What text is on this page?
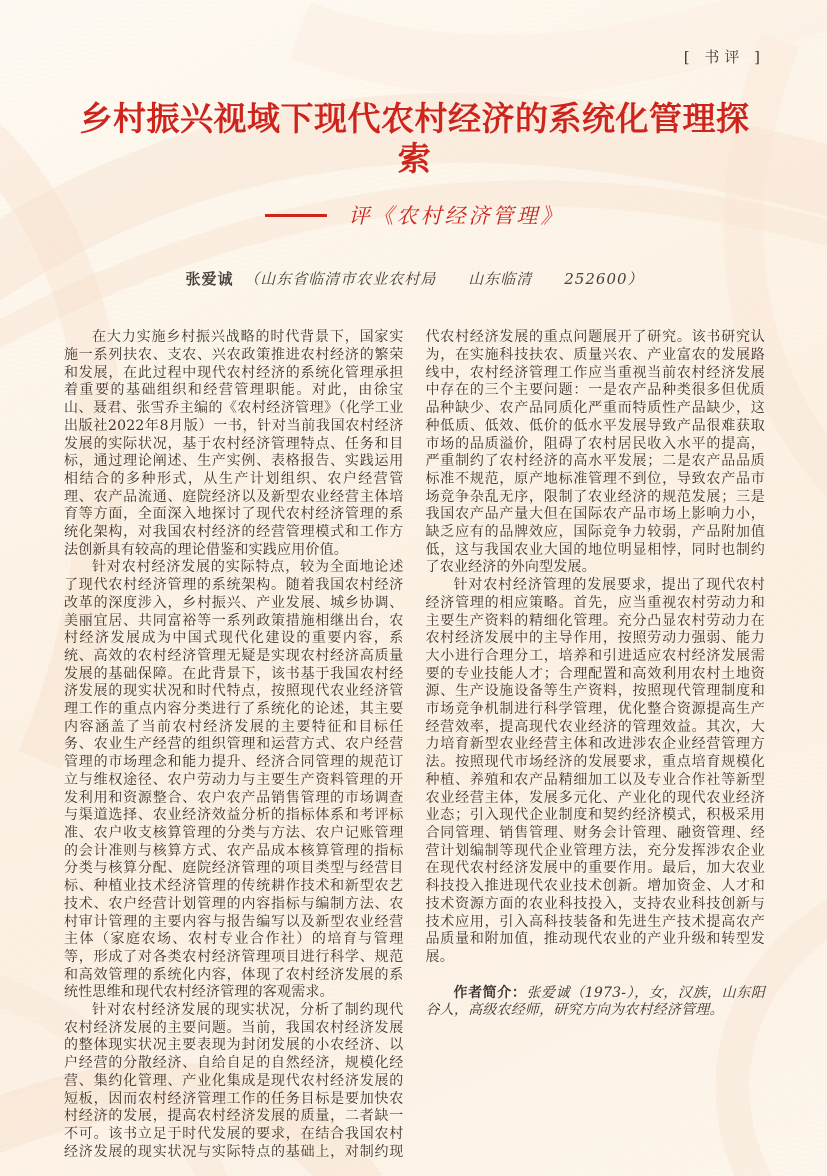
[ 书评 ]
乡村振兴视域下现代农村经济的系统化管理探索
评《农村经济管理》
张爱诚 （山东省临清市农业农村局　　山东临清　　252600）

在大力实施乡村振兴战略的时代背景下，国家实施一系列扶农、支农、兴农政策推进农村经济的繁荣和发展，在此过程中现代农村经济的系统化管理承担着重要的基础组织和经营管理职能。对此，由徐宝山、聂君、张雪乔主编的《农村经济管理》（化学工业出版社2022年8月版）一书，针对当前我国农村经济发展的实际状况，基于农村经济管理特点、任务和目标，通过理论阐述、生产实例、表格报告、实践运用相结合的多种形式，从生产计划组织、农户经营管理、农产品流通、庭院经济以及新型农业经营主体培育等方面，全面深入地探讨了现代农村经济管理的系统化架构，对我国农村经济的经营管理模式和工作方法创新具有较高的理论借鉴和实践应用价值。

针对农村经济发展的实际特点，较为全面地论述了现代农村经济管理的系统架构。随着我国农村经济改革的深度涉入，乡村振兴、产业发展、城乡协调、美丽宜居、共同富裕等一系列政策措施相继出台，农村经济发展成为中国式现代化建设的重要内容，系统、高效的农村经济管理无疑是实现农村经济高质量发展的基础保障。在此背景下，该书基于我国农村经济发展的现实状况和时代特点，按照现代农业经济管理工作的重点内容分类进行了系统化的论述，其主要内容涵盖了当前农村经济发展的主要特征和目标任务、农业生产经营的组织管理和运营方式、农户经营管理的市场理念和能力提升、经济合同管理的规范订立与维权途径、农户劳动力与主要生产资料管理的开发利用和资源整合、农户农产品销售管理的市场调查与渠道选择、农业经济效益分析的指标体系和考评标准、农户收支核算管理的分类与方法、农户记账管理的会计准则与核算方式、农产品成本核算管理的指标分类与核算分配、庭院经济管理的项目类型与经营目标、种植业技术经济管理的传统耕作技术和新型农艺技术、农户经营计划管理的内容指标与编制方法、农村审计管理的主要内容与报告编写以及新型农业经营主体（家庭农场、农村专业合作社）的培育与管理等，形成了对各类农村经济管理项目进行科学、规范和高效管理的系统化内容，体现了农村经济发展的系统性思维和现代农村经济管理的客观需求。

针对农村经济发展的现实状况，分析了制约现代农村经济发展的主要问题。当前，我国农村经济发展的整体现实状况主要表现为封闭发展的小农经济、以户经营的分散经济、自给自足的自然经济，规模化经营、集约化管理、产业化集成是现代农村经济发展的短板，因而农村经济管理工作的任务目标是要加快农村经济的发展，提高农村经济发展的质量，二者缺一不可。该书立足于时代发展的要求，在结合我国农村经济发展的现实状况与实际特点的基础上，对制约现代农村经济发展的重点问题展开了研究。该书研究认为，在实施科技扶农、质量兴农、产业富农的发展路线中，农村经济管理工作应当重视当前农村经济发展中存在的三个主要问题：一是农产品种类很多但优质品种缺少、农产品同质化严重而特质性产品缺少，这种低质、低效、低价的低水平发展导致产品很难获取市场的品质溢价，阻碍了农村居民收入水平的提高，严重制约了农村经济的高水平发展；二是农产品品质标准不规范，原产地标准管理不到位，导致农产品市场竞争杂乱无序，限制了农业经济的规范发展；三是我国农产品产量大但在国际农产品市场上影响力小，缺乏应有的品牌效应，国际竞争力较弱，产品附加值低，这与我国农业大国的地位明显相悖，同时也制约了农业经济的外向型发展。

针对农村经济管理的发展要求，提出了现代农村经济管理的相应策略。首先，应当重视农村劳动力和主要生产资料的精细化管理。充分凸显农村劳动力在农村经济发展中的主导作用，按照劳动力强弱、能力大小进行合理分工，培养和引进适应农村经济发展需要的专业技能人才；合理配置和高效利用农村土地资源、生产设施设备等生产资料，按照现代管理制度和市场竞争机制进行科学管理，优化整合资源提高生产经营效率，提高现代农业经济的管理效益。其次，大力培育新型农业经营主体和改进涉农企业经营管理方法。按照现代市场经济的发展要求，重点培育规模化种植、养殖和农产品精细加工以及专业合作社等新型农业经营主体，发展多元化、产业化的现代农业经济业态；引入现代企业制度和契约经济模式，积极采用合同管理、销售管理、财务会计管理、融资管理、经营计划编制等现代企业管理方法，充分发挥涉农企业在现代农村经济发展中的重要作用。最后，加大农业科技投入推进现代农业技术创新。增加资金、人才和技术资源方面的农业科技投入，支持农业科技创新与技术应用，引入高科技装备和先进生产技术提高农产品质量和附加值，推动现代农业的产业升级和转型发展。

作者简介：张爱诚（1973-），女，汉族，山东阳谷人，高级农经师，研究方向为农村经济管理。
